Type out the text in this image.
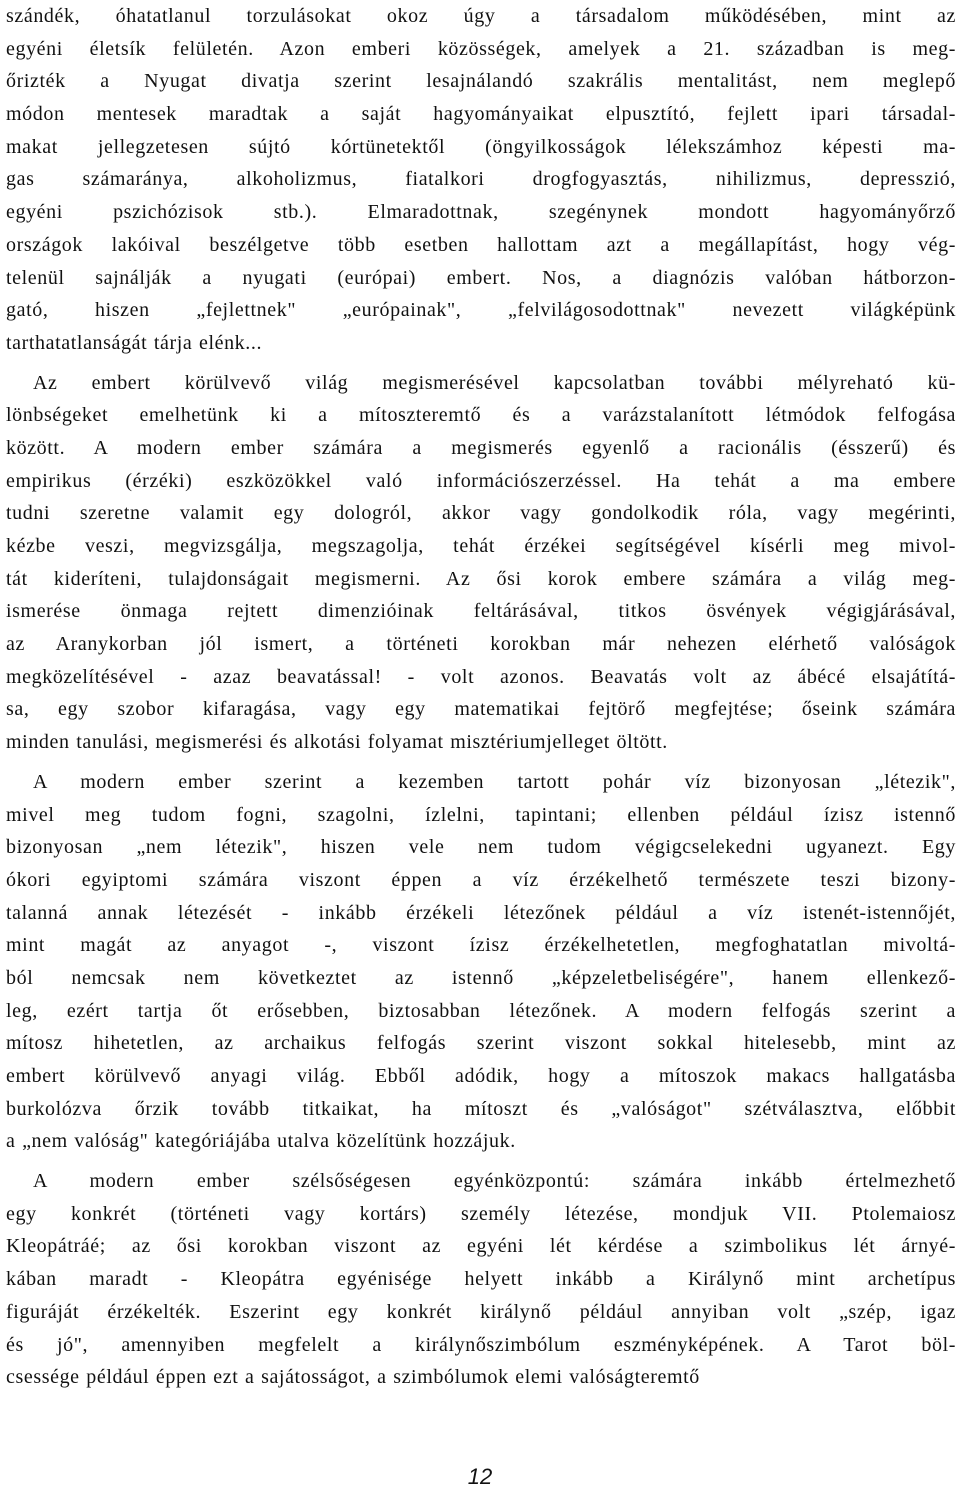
szándék, óhatatlanul torzulásokat okoz úgy a társadalom működésében, mint az
egyéni életsík felületén. Azon emberi közösségek, amelyek a 21. században is meg-
őrizték a Nyugat divatja szerint lesajnálandó szakrális mentalitást, nem meglepő
módon mentesek maradtak a saját hagyományaikat elpusztító, fejlett ipari társadal-
makat jellegzetesen sújtó kórtünetektől (öngyilkosságok lélekszámhoz képesti ma-
gas számaránya, alkoholizmus, fiatalkori drogfogyasztás, nihilizmus, depresszió,
egyéni pszichózisok stb.). Elmaradottnak, szegénynek mondott hagyományőrző
országok lakóival beszélgetve több esetben hallottam azt a megállapítást, hogy vég-
telenül sajnálják a nyugati (európai) embert. Nos, a diagnózis valóban hátborzon-
gató, hiszen „fejlettnek" „európainak", „felvilágosodottnak" nevezett világképünk
tarthatatlanságát tárja elénk...
Az embert körülvevő világ megismerésével kapcsolatban további mélyreható kü-
lönbségeket emelhetünk ki a mítoszteremtő és a varázstalanított létmódok felfogása
között. A modern ember számára a megismerés egyenlő a racionális (ésszerű) és
empirikus (érzéki) eszközökkel való információszerzéssel. Ha tehát a ma embere
tudni szeretne valamit egy dologról, akkor vagy gondolkodik róla, vagy megérinti,
kézbe veszi, megvizsgálja, megszagolja, tehát érzékei segítségével kísérli meg mivol-
tát kideríteni, tulajdonságait megismerni. Az ősi korok embere számára a világ meg-
ismerése önmaga rejtett dimenzióinak feltárásával, titkos ösvények végigjárásával,
az Aranykorban jól ismert, a történeti korokban már nehezen elérhető valóságok
megközelítésével - azaz beavatással! - volt azonos. Beavatás volt az ábécé elsajátítá-
sa, egy szobor kifaragása, vagy egy matematikai fejtörő megfejtése; őseink számára
minden tanulási, megismerési és alkotási folyamat misztériumjelleget öltött.
A modern ember szerint a kezemben tartott pohár víz bizonyosan „létezik",
mivel meg tudom fogni, szagolni, ízlelni, tapintani; ellenben például ízisz istennő
bizonyosan „nem létezik", hiszen vele nem tudom végigcselekedni ugyanezt. Egy
ókori egyiptomi számára viszont éppen a víz érzékelhető természete teszi bizony-
talanná annak létezését - inkább érzékeli létezőnek például a víz istenét-istennőjét,
mint magát az anyagot -, viszont ízisz érzékelhetetlen, megfoghatatlan mivoltá-
ból nemcsak nem következtet az istennő „képzeletbeliségére", hanem ellenkező-
leg, ezért tartja őt erősebben, biztosabban létezőnek. A modern felfogás szerint a
mítosz hihetetlen, az archaikus felfogás szerint viszont sokkal hitelesebb, mint az
embert körülvevő anyagi világ. Ebből adódik, hogy a mítoszok makacs hallgatásba
burkolózva őrzik tovább titkaikat, ha mítoszt és „valóságot" szétválasztva, előbbit
a „nem valóság" kategóriájába utalva közelítünk hozzájuk.
A modern ember szélsőségesen egyénközpontú: számára inkább értelmezhető
egy konkrét (történeti vagy kortárs) személy létezése, mondjuk VII. Ptolemaiosz
Kleopátráé; az ősi korokban viszont az egyéni lét kérdése a szimbolikus lét árnyé-
kában maradt - Kleopátra egyénisége helyett inkább a Királynő mint archetípus
figuráját érzékelték. Eszerint egy konkrét királynő például annyiban volt „szép, igaz
és jó", amennyiben megfelelt a királynőszimbólum eszményképének. A Tarot böl-
csessége például éppen ezt a sajátosságot, a szimbólumok elemi valóságteremtő
12
